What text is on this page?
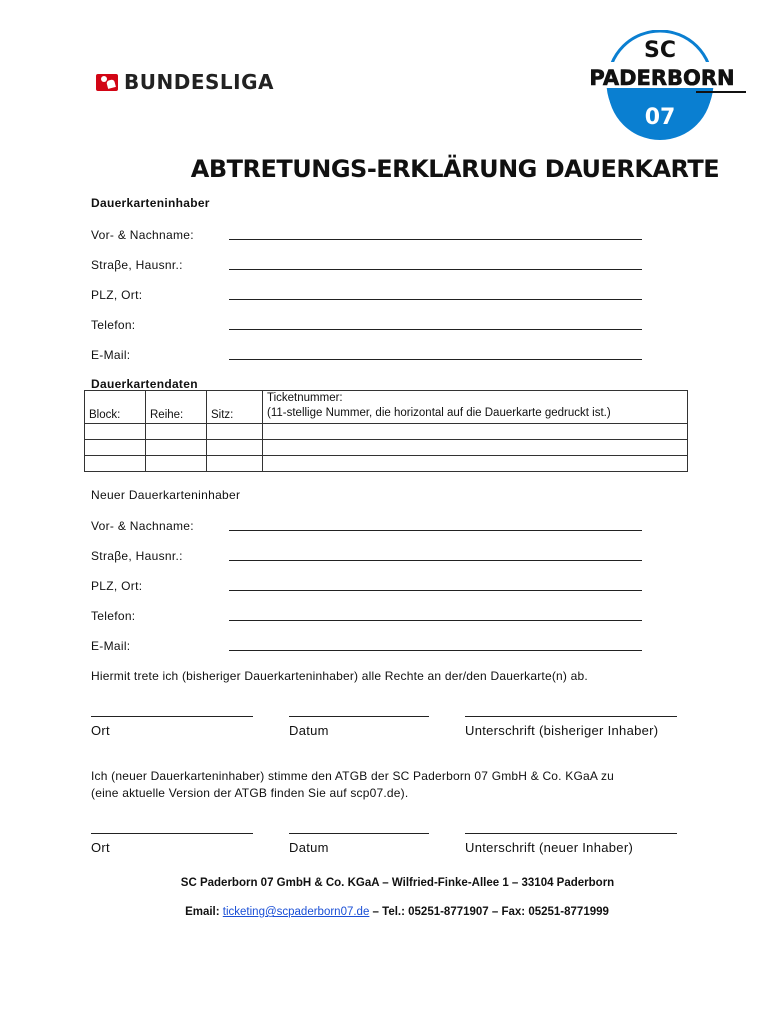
BUNDESLIGA
SC
PADERBORN
07
ABTRETUNGS-ERKLÄRUNG DAUERKARTE
Dauerkarteninhaber
Vor- & Nachname:
Straβe, Hausnr.:
PLZ, Ort:
Telefon:
E-Mail:
Dauerkartendaten
Block:	Reihe:	Sitz:	Ticketnummer:
(11-stellige Nummer, die horizontal auf die Dauerkarte gedruckt ist.)

Neuer Dauerkarteninhaber
Vor- & Nachname:
Straβe, Hausnr.:
PLZ, Ort:
Telefon:
E-Mail:
Hiermit trete ich (bisheriger Dauerkarteninhaber) alle Rechte an der/den Dauerkarte(n) ab.
Ort	Datum	Unterschrift (bisheriger Inhaber)
Ich (neuer Dauerkarteninhaber) stimme den ATGB der SC Paderborn 07 GmbH & Co. KGaA zu
(eine aktuelle Version der ATGB finden Sie auf scp07.de).
Ort	Datum	Unterschrift (neuer Inhaber)
SC Paderborn 07 GmbH & Co. KGaA – Wilfried-Finke-Allee 1 – 33104 Paderborn
Email: ticketing@scpaderborn07.de – Tel.: 05251-8771907 – Fax: 05251-8771999
